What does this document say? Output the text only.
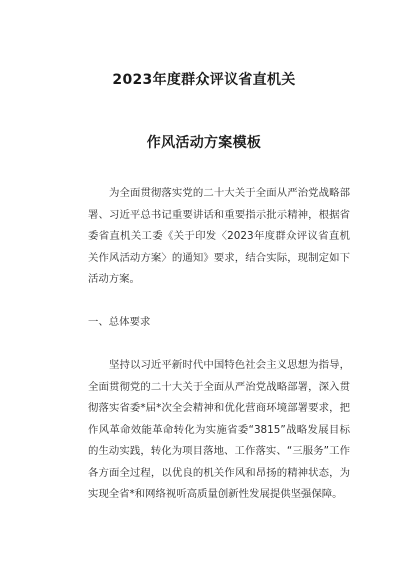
2023年度群众评议省直机关
作风活动方案模板

为全面贯彻落实党的二十大关于全面从严治党战略部署、习近平总书记重要讲话和重要指示批示精神，根据省委省直机关工委《关于印发〈2023年度群众评议省直机关作风活动方案〉的通知》要求，结合实际，现制定如下活动方案。

一、总体要求

坚持以习近平新时代中国特色社会主义思想为指导，全面贯彻党的二十大关于全面从严治党战略部署，深入贯彻落实省委*届*次全会精神和优化营商环境部署要求，把作风革命效能革命转化为实施省委“3815”战略发展目标的生动实践，转化为项目落地、工作落实、“三服务”工作各方面全过程，以优良的机关作风和昂扬的精神状态，为实现全省*和网络视听高质量创新性发展提供坚强保障。
